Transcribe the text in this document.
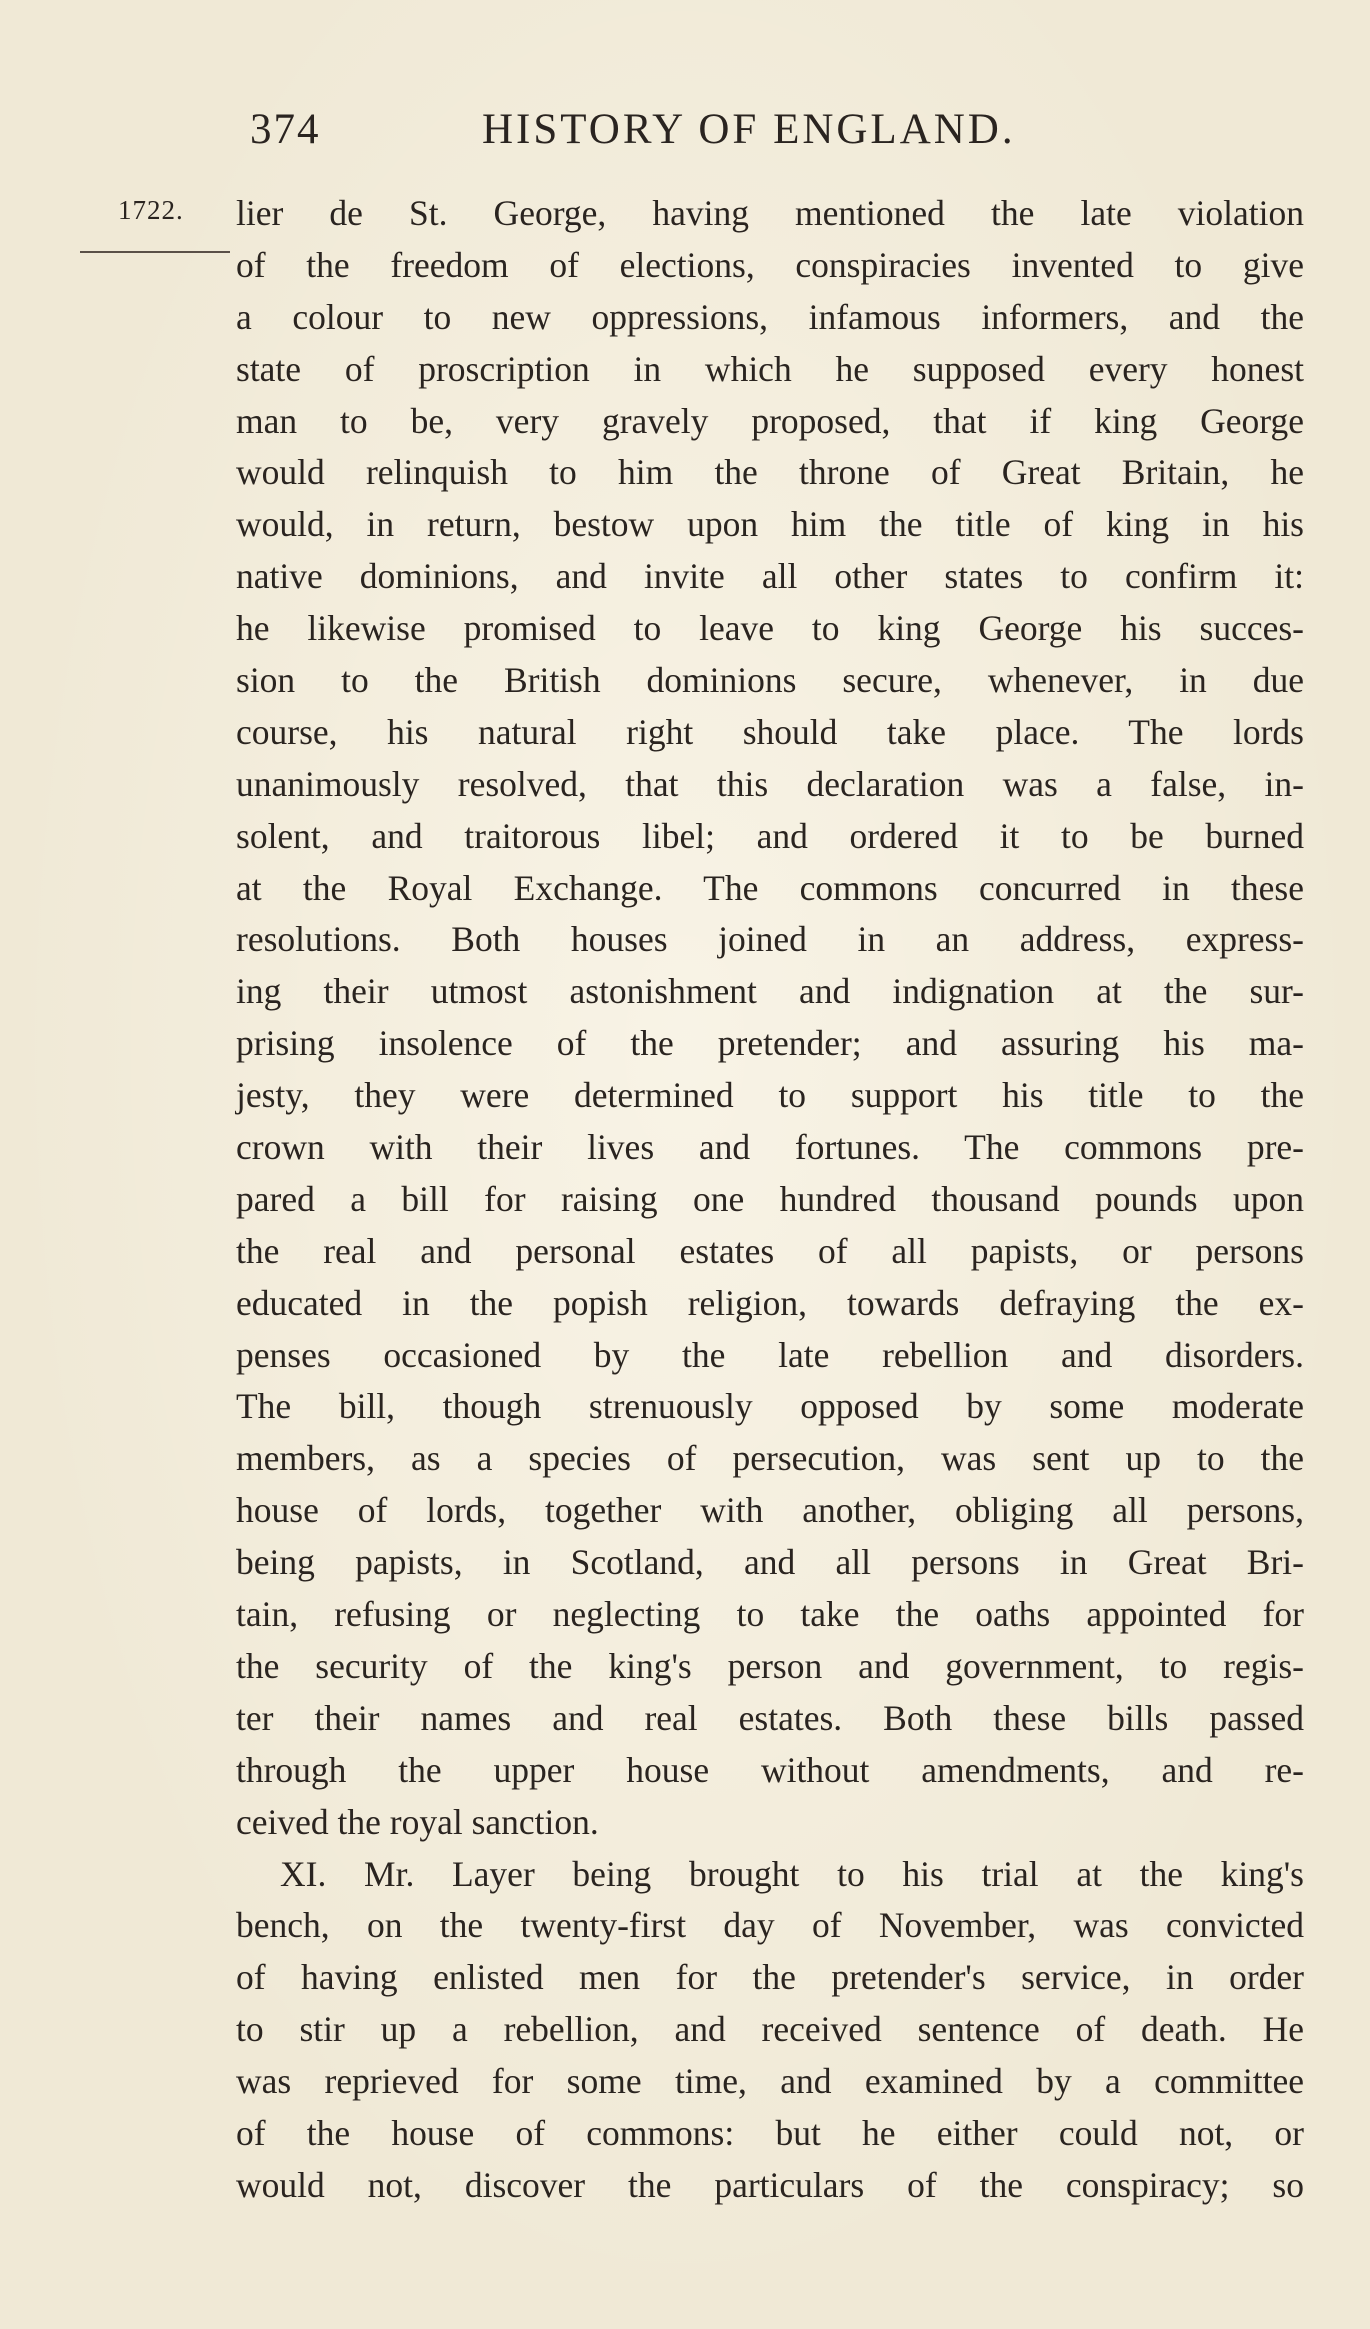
374	HISTORY OF ENGLAND.
1722. lier de St. George, having mentioned the late violation
of the freedom of elections, conspiracies invented to give
a colour to new oppressions, infamous informers, and the
state of proscription in which he supposed every honest
man to be, very gravely proposed, that if king George
would relinquish to him the throne of Great Britain, he
would, in return, bestow upon him the title of king in his
native dominions, and invite all other states to confirm it:
he likewise promised to leave to king George his succes-
sion to the British dominions secure, whenever, in due
course, his natural right should take place. The lords
unanimously resolved, that this declaration was a false, in-
solent, and traitorous libel; and ordered it to be burned
at the Royal Exchange. The commons concurred in these
resolutions. Both houses joined in an address, express-
ing their utmost astonishment and indignation at the sur-
prising insolence of the pretender; and assuring his ma-
jesty, they were determined to support his title to the
crown with their lives and fortunes. The commons pre-
pared a bill for raising one hundred thousand pounds upon
the real and personal estates of all papists, or persons
educated in the popish religion, towards defraying the ex-
penses occasioned by the late rebellion and disorders.
The bill, though strenuously opposed by some moderate
members, as a species of persecution, was sent up to the
house of lords, together with another, obliging all persons,
being papists, in Scotland, and all persons in Great Bri-
tain, refusing or neglecting to take the oaths appointed for
the security of the king's person and government, to regis-
ter their names and real estates. Both these bills passed
through the upper house without amendments, and re-
ceived the royal sanction.
XI. Mr. Layer being brought to his trial at the king's
bench, on the twenty-first day of November, was convicted
of having enlisted men for the pretender's service, in order
to stir up a rebellion, and received sentence of death. He
was reprieved for some time, and examined by a committee
of the house of commons: but he either could not, or
would not, discover the particulars of the conspiracy; so
